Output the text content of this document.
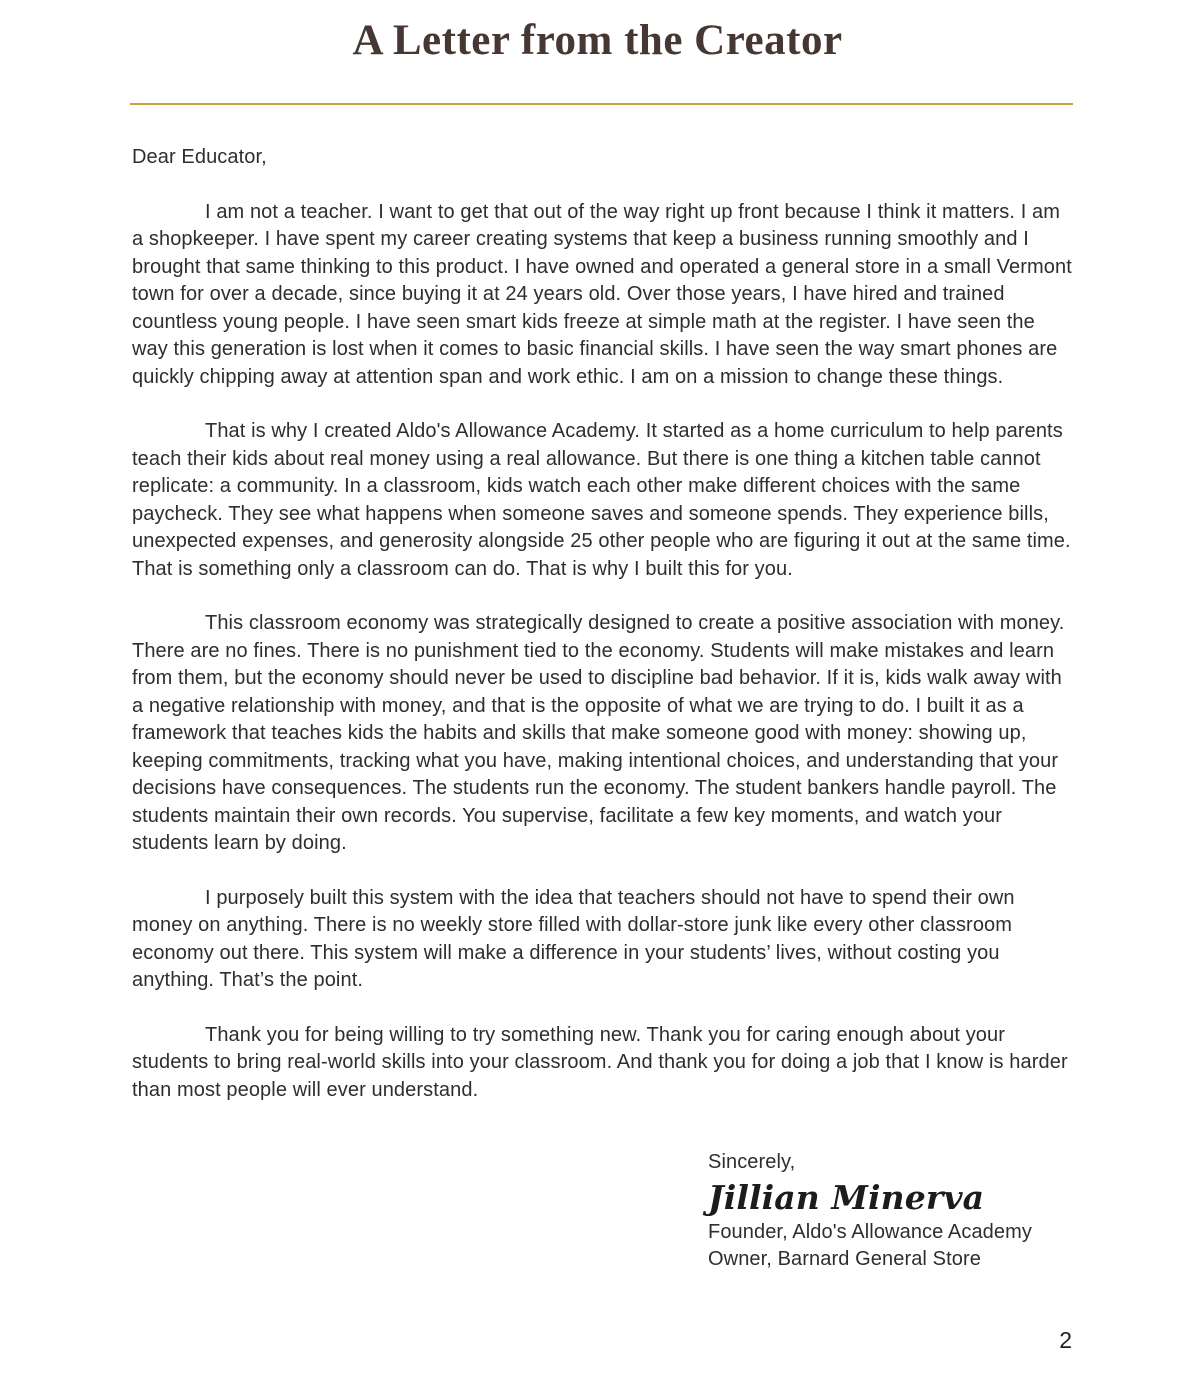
A Letter from the Creator

Dear Educator,

I am not a teacher. I want to get that out of the way right up front because I think it matters. I am a shopkeeper. I have spent my career creating systems that keep a business running smoothly and I brought that same thinking to this product. I have owned and operated a general store in a small Vermont town for over a decade, since buying it at 24 years old. Over those years, I have hired and trained countless young people. I have seen smart kids freeze at simple math at the register. I have seen the way this generation is lost when it comes to basic financial skills. I have seen the way smart phones are quickly chipping away at attention span and work ethic. I am on a mission to change these things.

That is why I created Aldo's Allowance Academy. It started as a home curriculum to help parents teach their kids about real money using a real allowance. But there is one thing a kitchen table cannot replicate: a community. In a classroom, kids watch each other make different choices with the same paycheck. They see what happens when someone saves and someone spends. They experience bills, unexpected expenses, and generosity alongside 25 other people who are figuring it out at the same time. That is something only a classroom can do. That is why I built this for you.

This classroom economy was strategically designed to create a positive association with money. There are no fines. There is no punishment tied to the economy. Students will make mistakes and learn from them, but the economy should never be used to discipline bad behavior. If it is, kids walk away with a negative relationship with money, and that is the opposite of what we are trying to do. I built it as a framework that teaches kids the habits and skills that make someone good with money: showing up, keeping commitments, tracking what you have, making intentional choices, and understanding that your decisions have consequences. The students run the economy. The student bankers handle payroll. The students maintain their own records. You supervise, facilitate a few key moments, and watch your students learn by doing.

I purposely built this system with the idea that teachers should not have to spend their own money on anything. There is no weekly store filled with dollar-store junk like every other classroom economy out there. This system will make a difference in your students’ lives, without costing you anything. That’s the point.

Thank you for being willing to try something new. Thank you for caring enough about your students to bring real-world skills into your classroom. And thank you for doing a job that I know is harder than most people will ever understand.

Sincerely,

Jillian Minerva

Founder, Aldo's Allowance Academy

Owner, Barnard General Store

2
